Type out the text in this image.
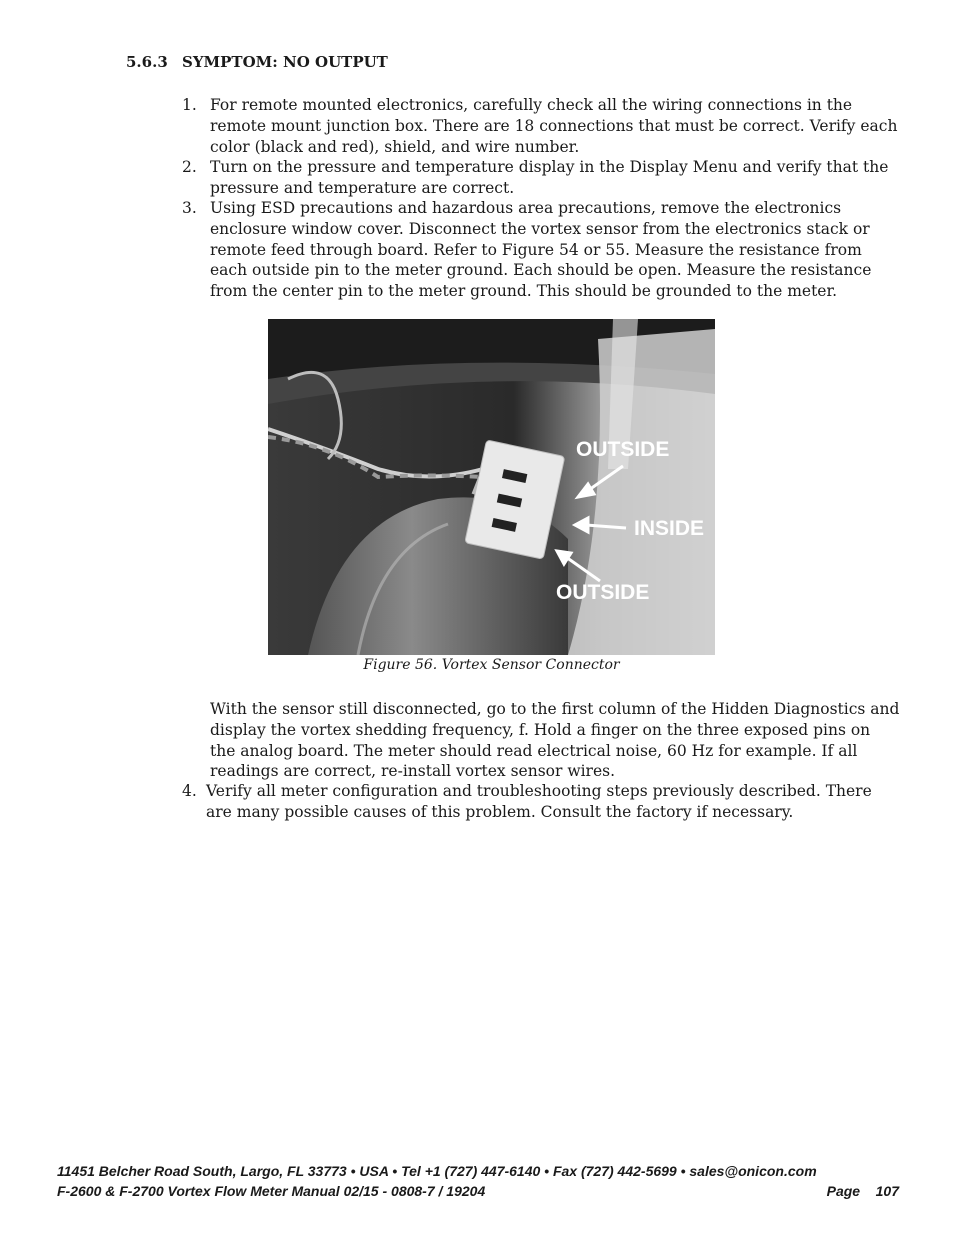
5.6.3 SYMPTOM: NO OUTPUT
1. For remote mounted electronics, carefully check all the wiring connections in the remote mount junction box. There are 18 connections that must be correct. Verify each color (black and red), shield, and wire number.
2. Turn on the pressure and temperature display in the Display Menu and verify that the pressure and temperature are correct.
3. Using ESD precautions and hazardous area precautions, remove the electronics enclosure window cover. Disconnect the vortex sensor from the electronics stack or remote feed through board. Refer to Figure 54 or 55. Measure the resistance from each outside pin to the meter ground. Each should be open. Measure the resistance from the center pin to the meter ground. This should be grounded to the meter.
OUTSIDE
INSIDE
OUTSIDE
Figure 56. Vortex Sensor Connector
With the sensor still disconnected, go to the first column of the Hidden Diagnostics and display the vortex shedding frequency, f. Hold a finger on the three exposed pins on the analog board. The meter should read electrical noise, 60 Hz for example. If all readings are correct, re-install vortex sensor wires.
4. Verify all meter configuration and troubleshooting steps previously described. There are many possible causes of this problem. Consult the factory if necessary.
11451 Belcher Road South, Largo, FL 33773 • USA • Tel +1 (727) 447-6140 • Fax (727) 442-5699 • sales@onicon.com
F-2600 & F-2700 Vortex Flow Meter Manual 02/15 - 0808-7 / 19204	Page 107
